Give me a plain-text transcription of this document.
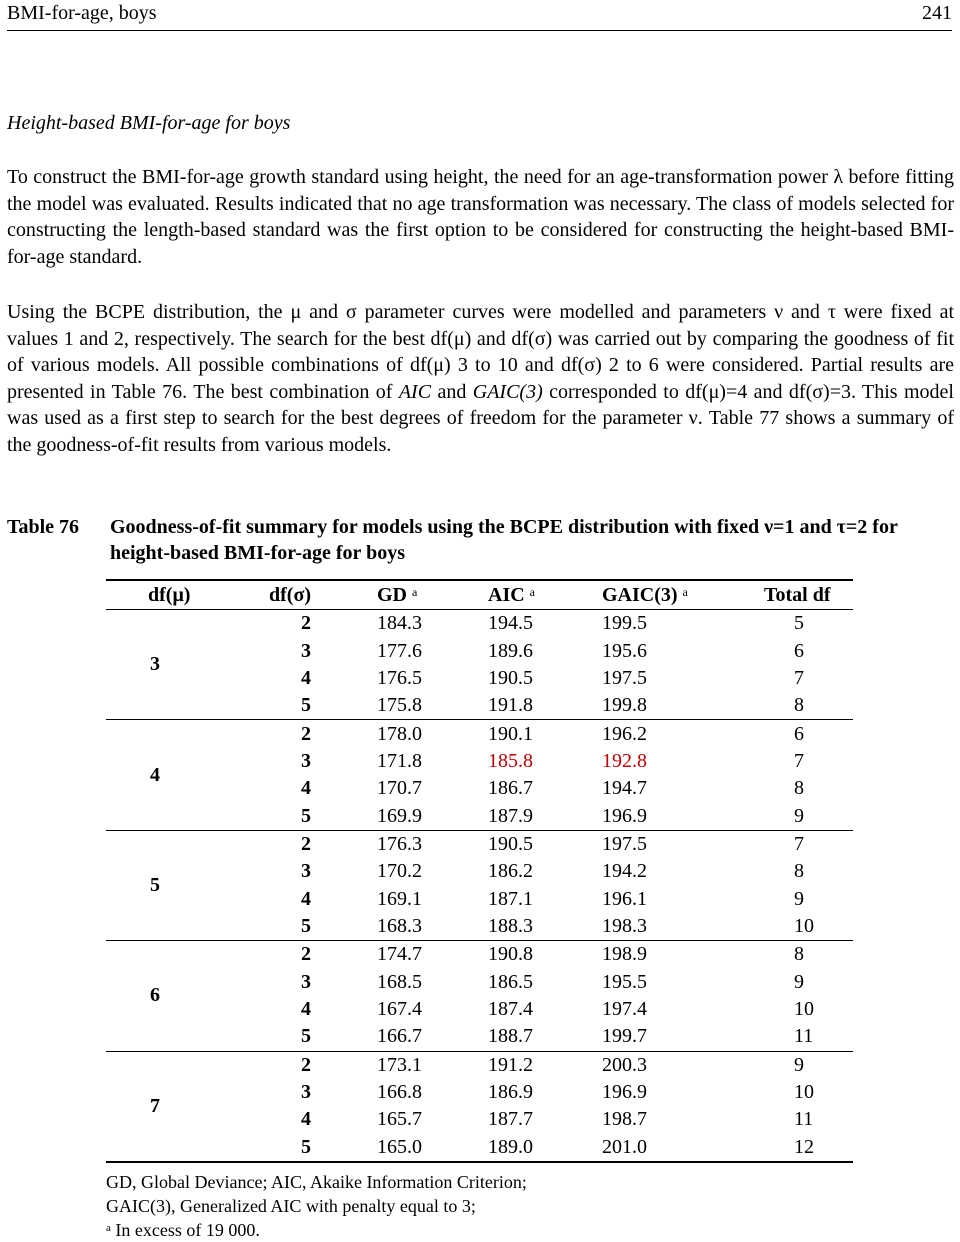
BMI-for-age, boys	241
Height-based BMI-for-age for boys

To construct the BMI-for-age growth standard using height, the need for an age-transformation power λ before fitting the model was evaluated. Results indicated that no age transformation was necessary. The class of models selected for constructing the length-based standard was the first option to be considered for constructing the height-based BMI-for-age standard.

Using the BCPE distribution, the μ and σ parameter curves were modelled and parameters ν and τ were fixed at values 1 and 2, respectively. The search for the best df(μ) and df(σ) was carried out by comparing the goodness of fit of various models. All possible combinations of df(μ) 3 to 10 and df(σ) 2 to 6 were considered. Partial results are presented in Table 76. The best combination of AIC and GAIC(3) corresponded to df(μ)=4 and df(σ)=3. This model was used as a first step to search for the best degrees of freedom for the parameter ν. Table 77 shows a summary of the goodness-of-fit results from various models.

Table 76	Goodness-of-fit summary for models using the BCPE distribution with fixed ν=1 and τ=2 for height-based BMI-for-age for boys
df(μ)	df(σ)	GD $^a$	AIC $^a$	GAIC(3) $^a$	Total df
3	2	184.3	194.5	199.5	5
	3	177.6	189.6	195.6	6
	4	176.5	190.5	197.5	7
	5	175.8	191.8	199.8	8
4	2	178.0	190.1	196.2	6
	3	171.8	185.8	192.8	7
	4	170.7	186.7	194.7	8
	5	169.9	187.9	196.9	9
5	2	176.3	190.5	197.5	7
	3	170.2	186.2	194.2	8
	4	169.1	187.1	196.1	9
	5	168.3	188.3	198.3	10
6	2	174.7	190.8	198.9	8
	3	168.5	186.5	195.5	9
	4	167.4	187.4	197.4	10
	5	166.7	188.7	199.7	11
7	2	173.1	191.2	200.3	9
	3	166.8	186.9	196.9	10
	4	165.7	187.7	198.7	11
	5	165.0	189.0	201.0	12
GD, Global Deviance; AIC, Akaike Information Criterion;
GAIC(3), Generalized AIC with penalty equal to 3;
$^a$ In excess of 19 000.
